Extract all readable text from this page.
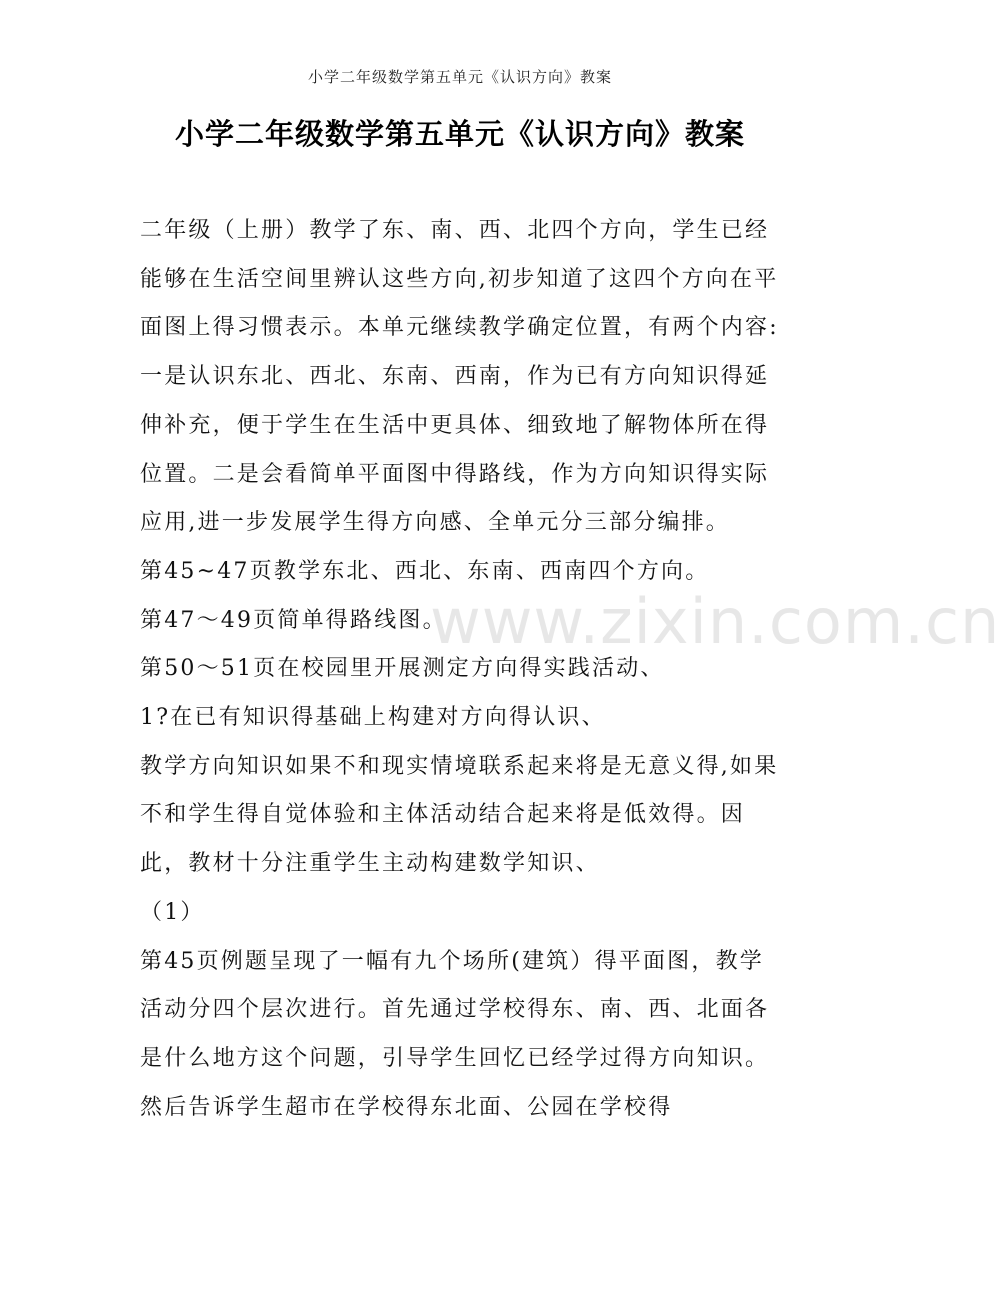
小学二年级数学第五单元《认识方向》教案
小学二年级数学第五单元《认识方向》教案
www.zixin.com.cn

二年级（上册）教学了东、南、西、北四个方向，学生已经能够在生活空间里辨认这些方向,初步知道了这四个方向在平面图上得习惯表示。本单元继续教学确定位置，有两个内容:一是认识东北、西北、东南、西南，作为已有方向知识得延伸补充，便于学生在生活中更具体、细致地了解物体所在得位置。二是会看简单平面图中得路线，作为方向知识得实际应用,进一步发展学生得方向感、全单元分三部分编排。

第45~47页教学东北、西北、东南、西南四个方向。

第47～49页简单得路线图。

第50～51页在校园里开展测定方向得实践活动、

1?在已有知识得基础上构建对方向得认识、

教学方向知识如果不和现实情境联系起来将是无意义得,如果不和学生得自觉体验和主体活动结合起来将是低效得。因此，教材十分注重学生主动构建数学知识、

（1）

第45页例题呈现了一幅有九个场所(建筑）得平面图，教学活动分四个层次进行。首先通过学校得东、南、西、北面各是什么地方这个问题，引导学生回忆已经学过得方向知识。然后告诉学生超市在学校得东北面、公园在学校得
